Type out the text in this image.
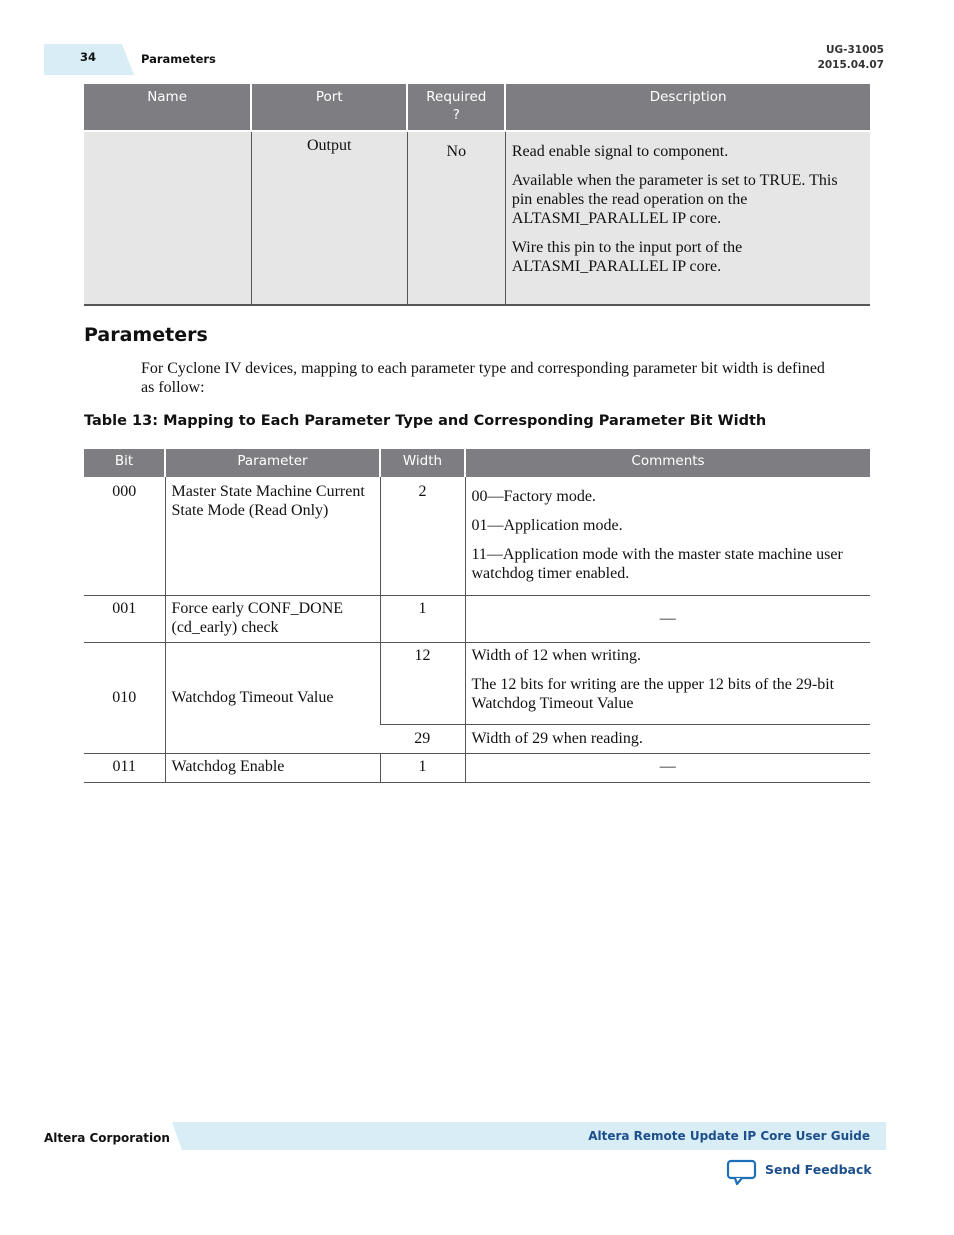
34	Parameters
UG-31005
2015.04.07
Name	Port	Required ?	Description
	Output	No	Read enable signal to component.

Available when the parameter is set to TRUE. This pin enables the read operation on the ALTASMI_PARALLEL IP core.

Wire this pin to the input port of the ALTASMI_PARALLEL IP core.

Parameters
For Cyclone IV devices, mapping to each parameter type and corresponding parameter bit width is defined as follow:
Table 13: Mapping to Each Parameter Type and Corresponding Parameter Bit Width
Bit	Parameter	Width	Comments
000	Master State Machine Current State Mode (Read Only)	2	00—Factory mode.

01—Application mode.

11—Application mode with the master state machine user watchdog timer enabled.

001	Force early CONF_DONE (cd_early) check	1	—
010	Watchdog Timeout Value	12	Width of 12 when writing.

The 12 bits for writing are the upper 12 bits of the 29-bit Watchdog Timeout Value

		29	Width of 29 when reading.
011	Watchdog Enable	1	—
Altera Corporation	Altera Remote Update IP Core User Guide
Send Feedback
